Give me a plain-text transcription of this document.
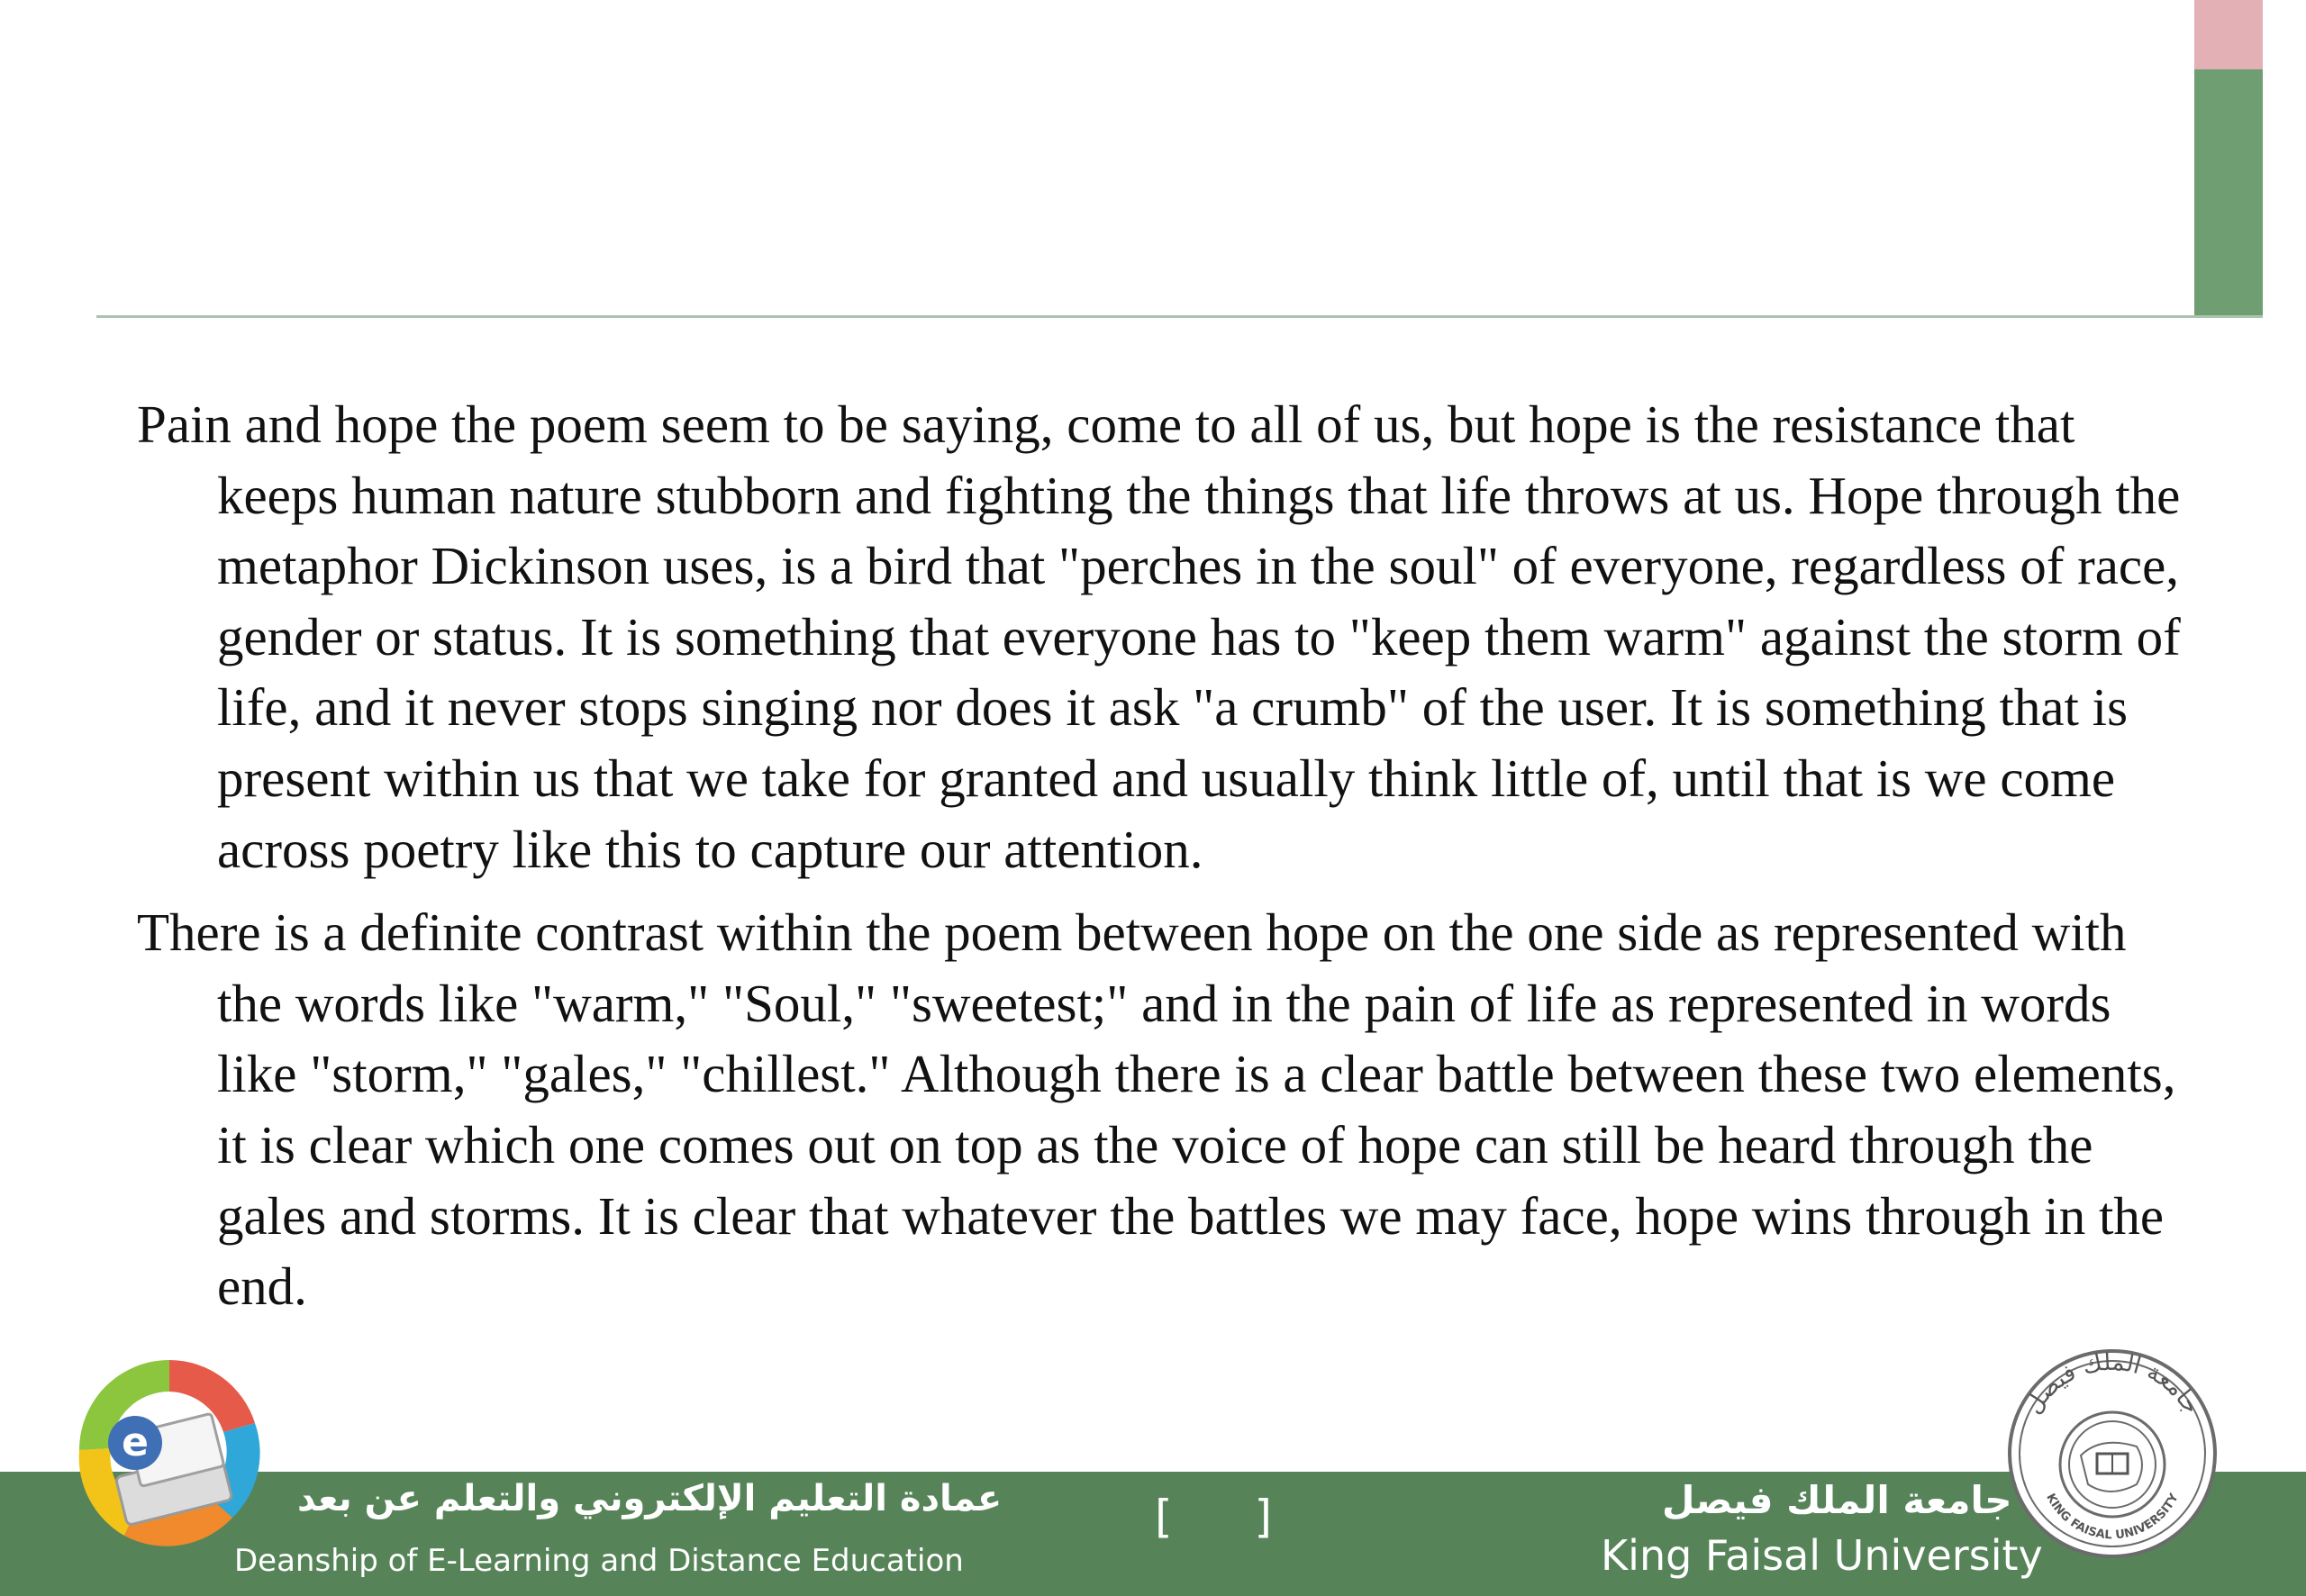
Pain and hope the poem seem to be saying, come to all of us, but hope is the resistance that keeps human nature stubborn and fighting the things that life throws at us. Hope through the metaphor Dickinson uses, is a bird that "perches in the soul" of everyone, regardless of race, gender or status. It is something that everyone has to "keep them warm" against the storm of life, and it never stops singing nor does it ask "a crumb" of the user. It is something that is present within us that we take for granted and usually think little of, until that is we come across poetry like this to capture our attention.

There is a definite contrast within the poem between hope on the one side as represented with the words like "warm," "Soul," "sweetest;" and in the pain of life as represented in words like "storm," "gales," "chillest." Although there is a clear battle between these two elements, it is clear which one comes out on top as the voice of hope can still be heard through the gales and storms. It is clear that whatever the battles we may face, hope wins through in the end.

عمادة التعليم الإلكتروني والتعلم عن بعد
Deanship of E-Learning and Distance Education
[ ]	جامعة الملك فيصل
King Faisal University
e
جامعة الملك فيصل
KING FAISAL UNIVERSITY
